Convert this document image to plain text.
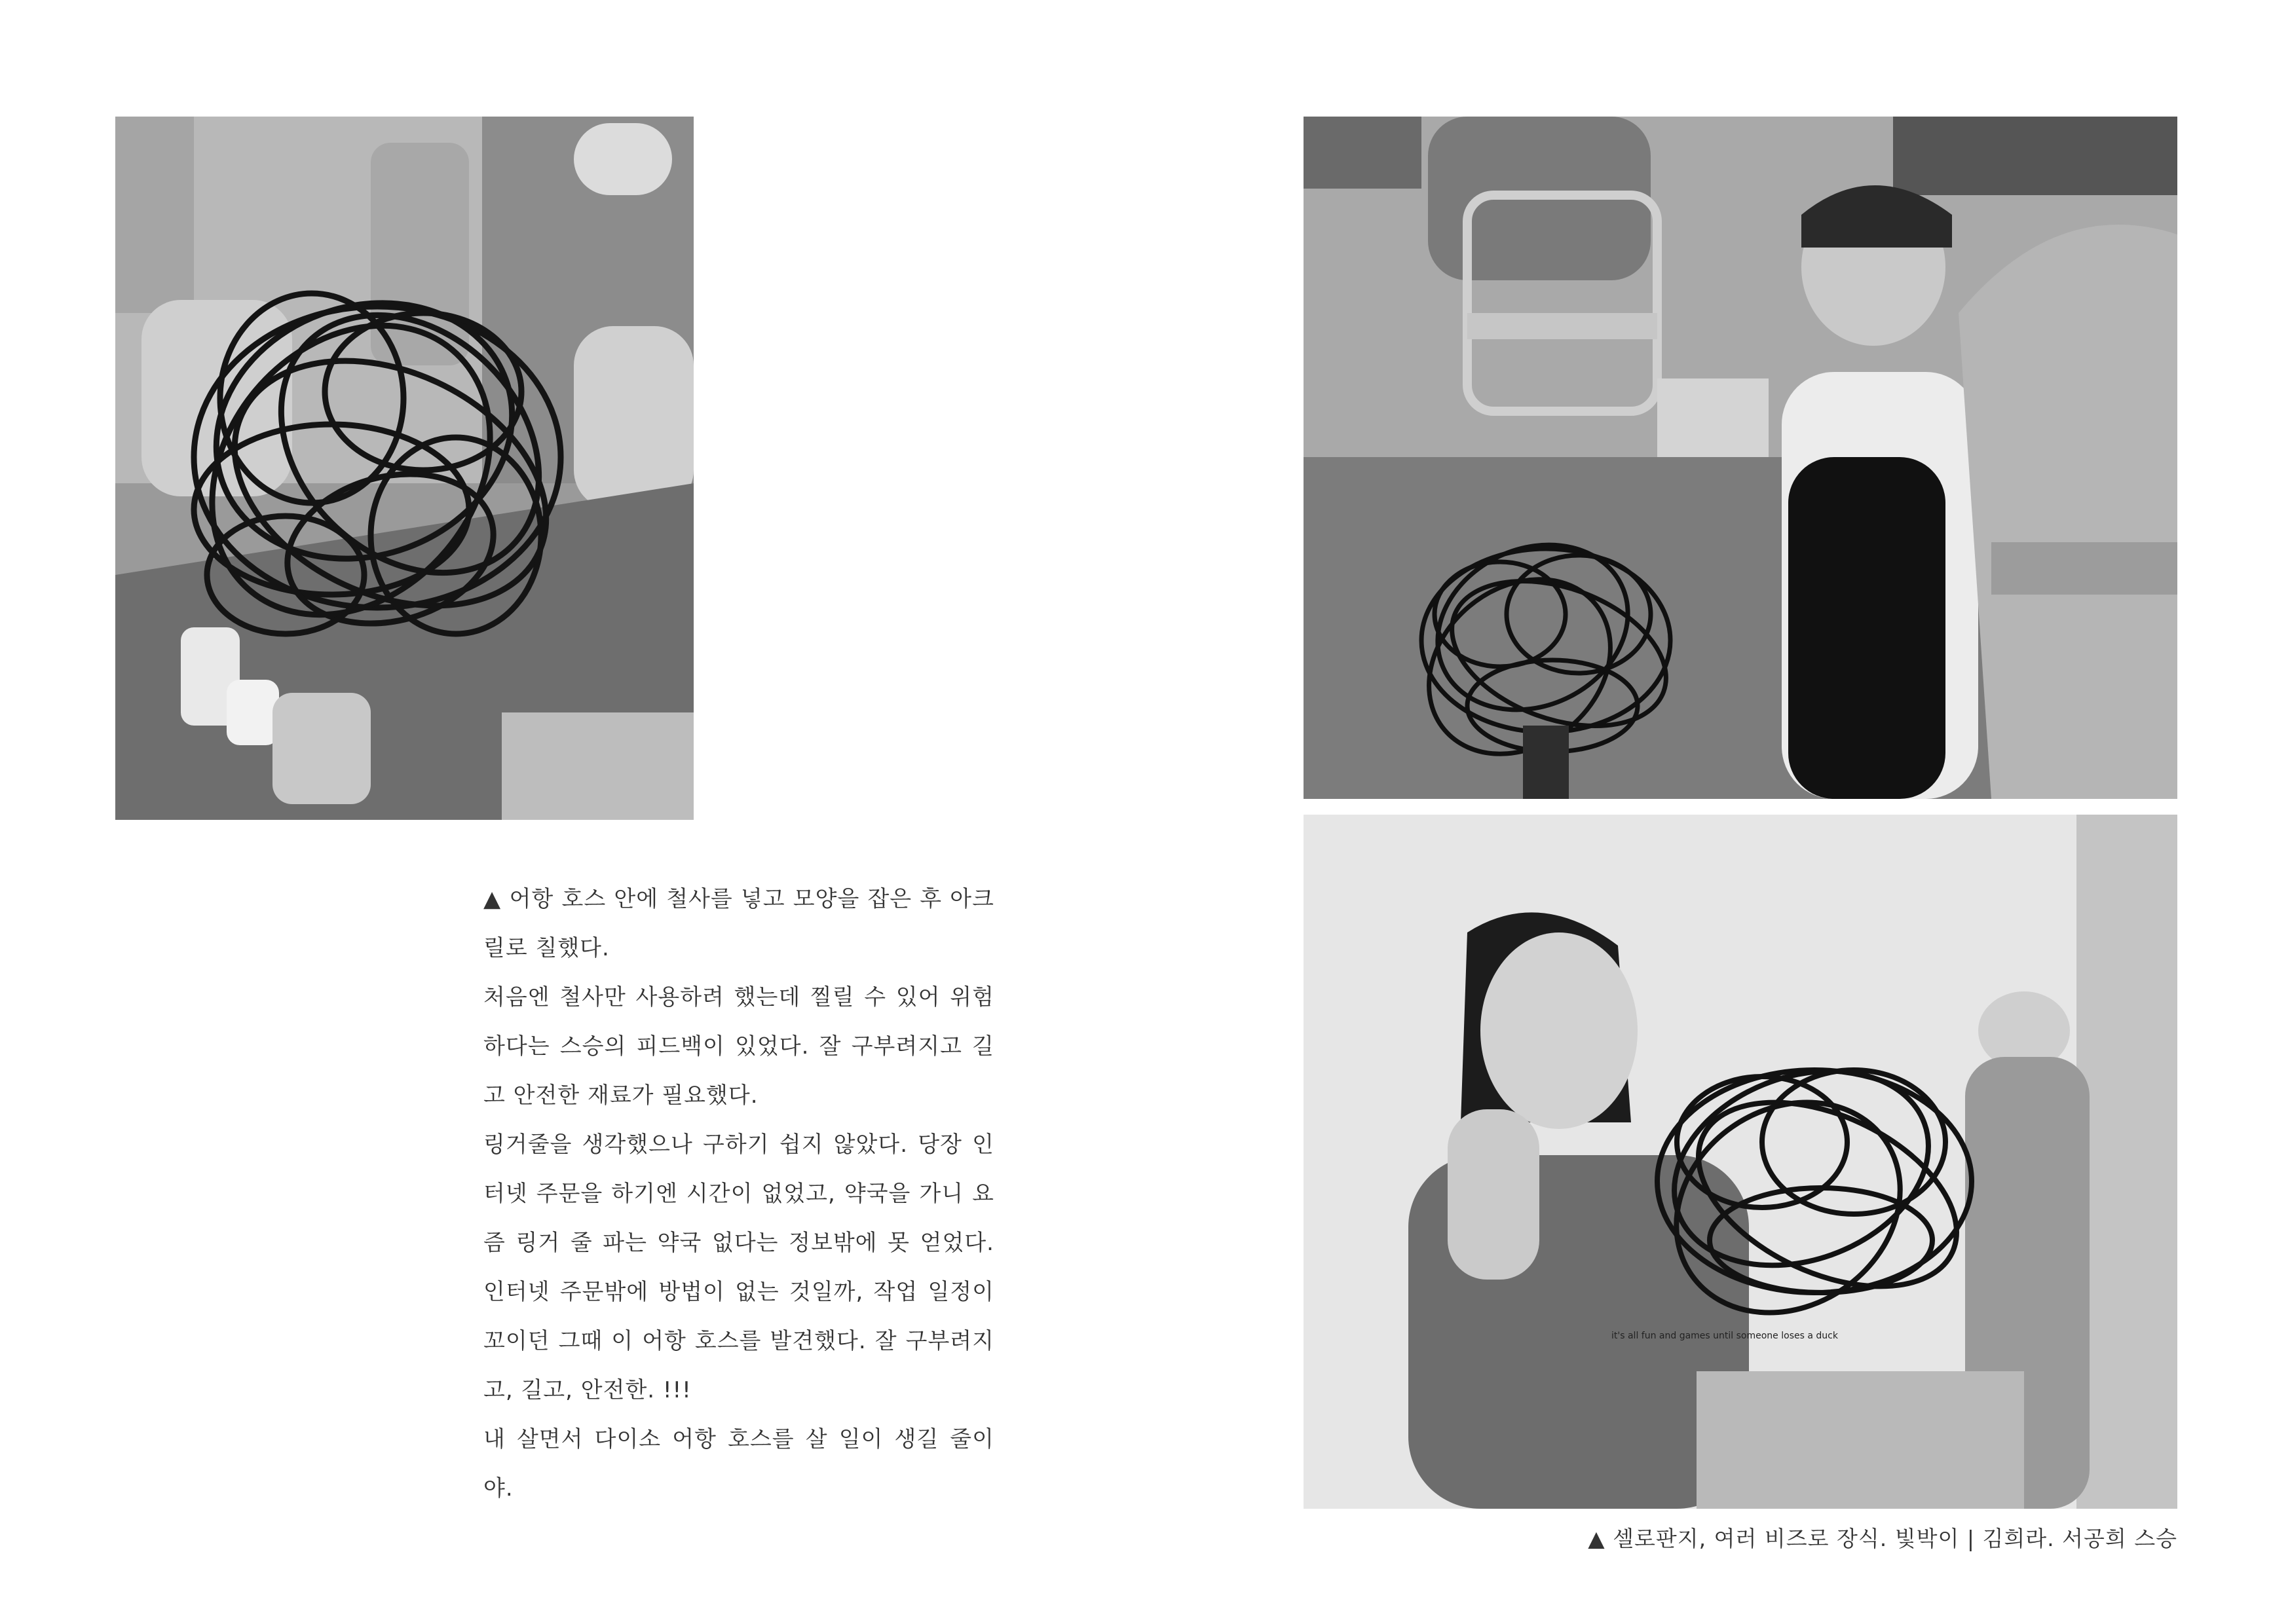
it's all fun and games until someone loses a duck

▲ 어항 호스 안에 철사를 넣고 모양을 잡은 후 아크릴로 칠했다.

처음엔 철사만 사용하려 했는데 찔릴 수 있어 위험하다는 스승의 피드백이 있었다. 잘 구부려지고 길고 안전한 재료가 필요했다.

링거줄을 생각했으나 구하기 쉽지 않았다. 당장 인터넷 주문을 하기엔 시간이 없었고, 약국을 가니 요즘 링거 줄 파는 약국 없다는 정보밖에 못 얻었다. 인터넷 주문밖에 방법이 없는 것일까, 작업 일정이 꼬이던 그때 이 어항 호스를 발견했다. 잘 구부려지고, 길고, 안전한. !!!

내 살면서 다이소 어항 호스를 살 일이 생길 줄이야.

▲ 셀로판지, 여러 비즈로 장식. 빛박이 | 김희라. 서공희 스승
